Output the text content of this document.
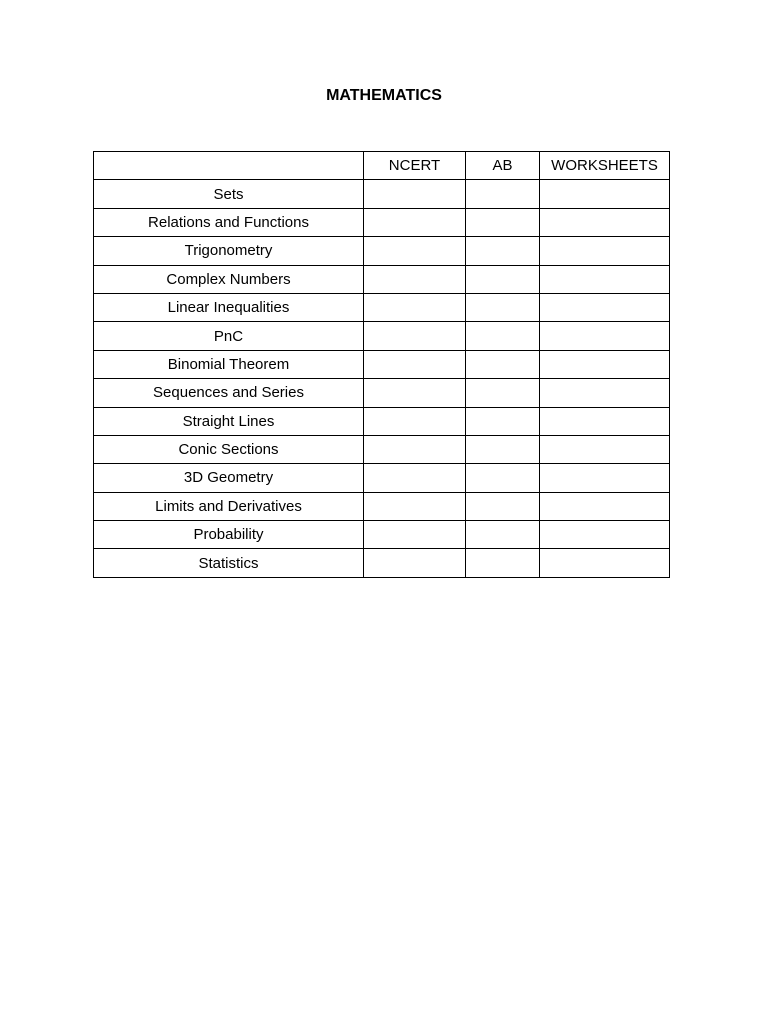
MATHEMATICS
	NCERT	AB	WORKSHEETS
Sets			
Relations and Functions			
Trigonometry			
Complex Numbers			
Linear Inequalities			
PnC			
Binomial Theorem			
Sequences and Series			
Straight Lines			
Conic Sections			
3D Geometry			
Limits and Derivatives			
Probability			
Statistics			
